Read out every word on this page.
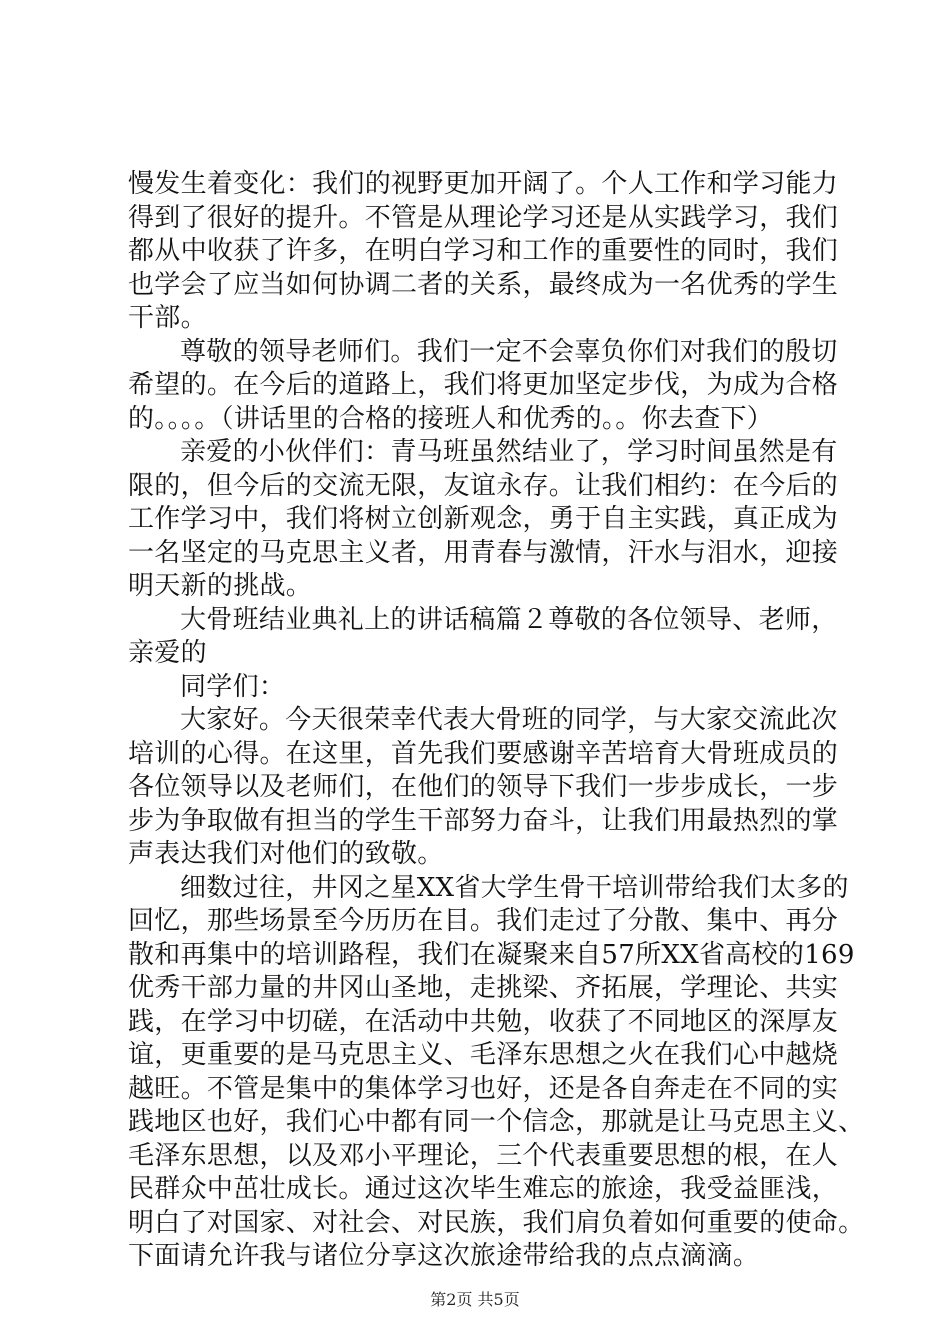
慢发生着变化：我们的视野更加开阔了。个人工作和学习能力
得到了很好的提升。不管是从理论学习还是从实践学习，我们
都从中收获了许多，在明白学习和工作的重要性的同时，我们
也学会了应当如何协调二者的关系，最终成为一名优秀的学生
干部。
尊敬的领导老师们。我们一定不会辜负你们对我们的殷切
希望的。在今后的道路上，我们将更加坚定步伐，为成为合格
的。。。。（讲话里的合格的接班人和优秀的。。你去查下）
亲爱的小伙伴们：青马班虽然结业了，学习时间虽然是有
限的，但今后的交流无限，友谊永存。让我们相约：在今后的
工作学习中，我们将树立创新观念，勇于自主实践，真正成为
一名坚定的马克思主义者，用青春与激情，汗水与泪水，迎接
明天新的挑战。
大骨班结业典礼上的讲话稿篇２尊敬的各位领导、老师，
亲爱的
同学们：
大家好。今天很荣幸代表大骨班的同学，与大家交流此次
培训的心得。在这里，首先我们要感谢辛苦培育大骨班成员的
各位领导以及老师们，在他们的领导下我们一步步成长，一步
步为争取做有担当的学生干部努力奋斗，让我们用最热烈的掌
声表达我们对他们的致敬。
细数过往，井冈之星XX省大学生骨干培训带给我们太多的
回忆，那些场景至今历历在目。我们走过了分散、集中、再分
散和再集中的培训路程，我们在凝聚来自57所XX省高校的169
优秀干部力量的井冈山圣地，走挑梁、齐拓展，学理论、共实
践，在学习中切磋，在活动中共勉，收获了不同地区的深厚友
谊，更重要的是马克思主义、毛泽东思想之火在我们心中越烧
越旺。不管是集中的集体学习也好，还是各自奔走在不同的实
践地区也好，我们心中都有同一个信念，那就是让马克思主义、
毛泽东思想，以及邓小平理论，三个代表重要思想的根，在人
民群众中茁壮成长。通过这次毕生难忘的旅途，我受益匪浅，
明白了对国家、对社会、对民族，我们肩负着如何重要的使命。
下面请允许我与诸位分享这次旅途带给我的点点滴滴。
第2页 共5页
